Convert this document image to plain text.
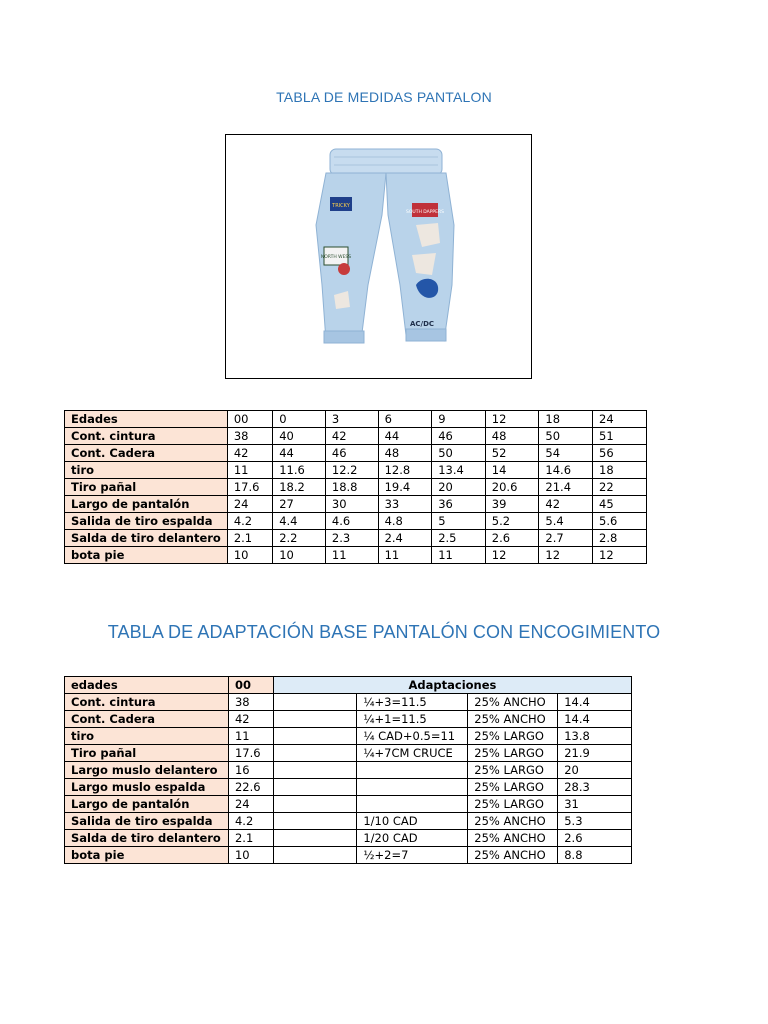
TABLA DE MEDIDAS PANTALON
TRICKY
SOUTH DAPPERS
NORTH WESS
AC/DC
Edades	00	0	3	6	9	12	18	24
Cont. cintura	38	40	42	44	46	48	50	51
Cont. Cadera	42	44	46	48	50	52	54	56
tiro	11	11.6	12.2	12.8	13.4	14	14.6	18
Tiro pañal	17.6	18.2	18.8	19.4	20	20.6	21.4	22
Largo de pantalón	24	27	30	33	36	39	42	45
Salida de tiro espalda	4.2	4.4	4.6	4.8	5	5.2	5.4	5.6
Salda de tiro delantero	2.1	2.2	2.3	2.4	2.5	2.6	2.7	2.8
bota pie	10	10	11	11	11	12	12	12
TABLA DE ADAPTACIÓN BASE PANTALÓN CON ENCOGIMIENTO
edades	00	Adaptaciones			
Cont. cintura	38		¼+3=11.5	25% ANCHO	14.4
Cont. Cadera	42		¼+1=11.5	25% ANCHO	14.4
tiro	11		¼ CAD+0.5=11	25% LARGO	13.8
Tiro pañal	17.6		¼+7CM CRUCE	25% LARGO	21.9
Largo muslo delantero	16			25% LARGO	20
Largo muslo espalda	22.6			25% LARGO	28.3
Largo de pantalón	24			25% LARGO	31
Salida de tiro espalda	4.2		1/10 CAD	25% ANCHO	5.3
Salda de tiro delantero	2.1		1/20 CAD	25% ANCHO	2.6
bota pie	10		½+2=7	25% ANCHO	8.8
